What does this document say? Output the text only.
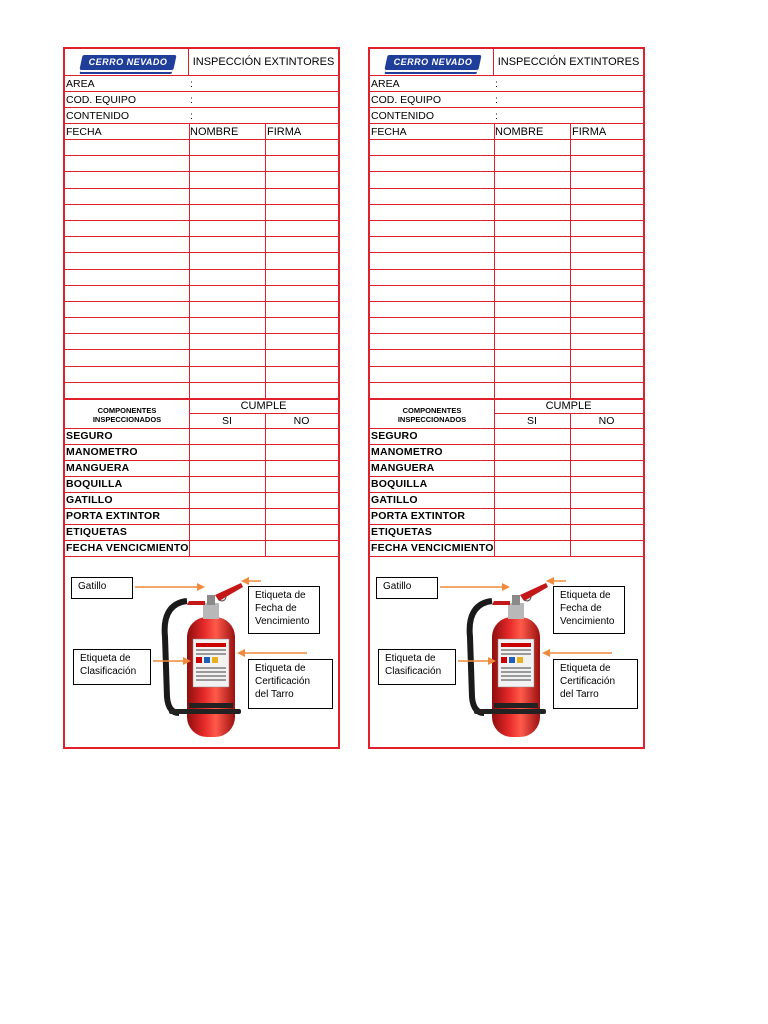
CERRO NEVADO	INSPECCIÓN EXTINTORES
AREA	:
COD. EQUIPO	:
CONTENIDO	:
FECHA	NOMBRE	FIRMA
COMPONENTES INSPECCIONADOS
CUMPLE
SI	NO
SEGURO
MANOMETRO
MANGUERA
BOQUILLA
GATILLO
PORTA EXTINTOR
ETIQUETAS
FECHA VENCICMIENTO
Gatillo
Etiqueta de Fecha de Vencimiento
Etiqueta de Clasificación	Etiqueta de Certificación del Tarro
CERRO NEVADO	INSPECCIÓN EXTINTORES
AREA	:
COD. EQUIPO	:
CONTENIDO	:
FECHA	NOMBRE	FIRMA
COMPONENTES INSPECCIONADOS
CUMPLE
SI	NO
SEGURO
MANOMETRO
MANGUERA
BOQUILLA
GATILLO
PORTA EXTINTOR
ETIQUETAS
FECHA VENCICMIENTO
Gatillo
Etiqueta de Fecha de Vencimiento
Etiqueta de Clasificación	Etiqueta de Certificación del Tarro
